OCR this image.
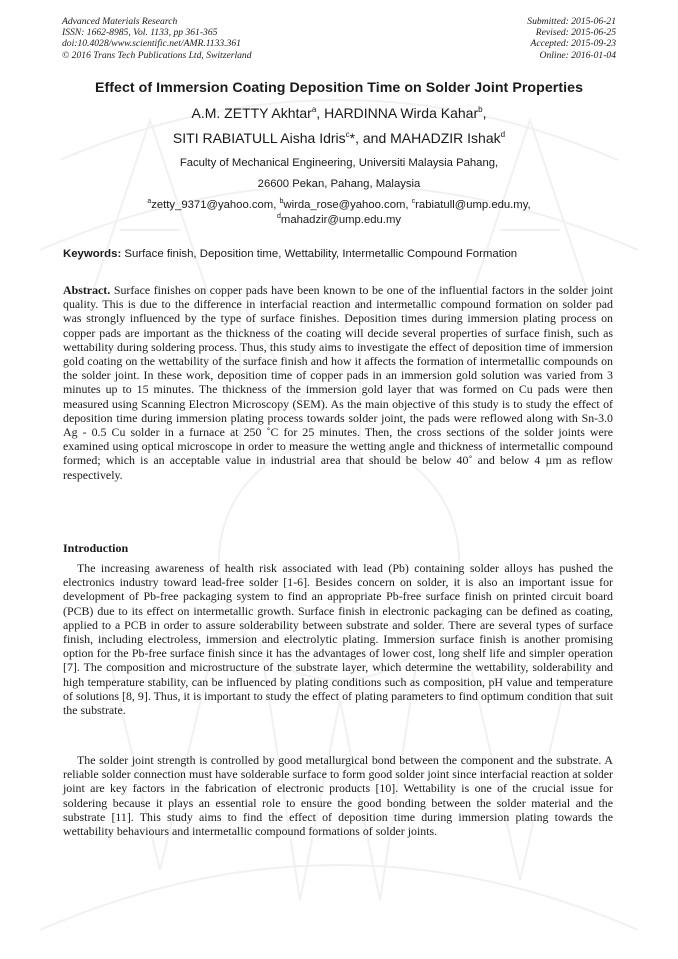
Advanced Materials Research
ISSN: 1662-8985, Vol. 1133, pp 361-365
doi:10.4028/www.scientific.net/AMR.1133.361
© 2016 Trans Tech Publications Ltd, Switzerland
Submitted: 2015-06-21
Revised: 2015-06-25
Accepted: 2015-09-23
Online: 2016-01-04
Effect of Immersion Coating Deposition Time on Solder Joint Properties
A.M. ZETTY Akhtar$^a$, HARDINNA Wirda Kahar$^b$,
SITI RABIATULL Aisha Idris$^c$*, and MAHADZIR Ishak$^d$
Faculty of Mechanical Engineering, Universiti Malaysia Pahang,
26600 Pekan, Pahang, Malaysia
$^a$zetty_9371@yahoo.com, $^b$wirda_rose@yahoo.com, $^c$rabiatull@ump.edu.my,
$^d$mahadzir@ump.edu.my
Keywords: Surface finish, Deposition time, Wettability, Intermetallic Compound Formation
Abstract. Surface finishes on copper pads have been known to be one of the influential factors in the solder joint quality. This is due to the difference in interfacial reaction and intermetallic compound formation on solder pad was strongly influenced by the type of surface finishes. Deposition times during immersion plating process on copper pads are important as the thickness of the coating will decide several properties of surface finish, such as wettability during soldering process. Thus, this study aims to investigate the effect of deposition time of immersion gold coating on the wettability of the surface finish and how it affects the formation of intermetallic compounds on the solder joint. In these work, deposition time of copper pads in an immersion gold solution was varied from 3 minutes up to 15 minutes. The thickness of the immersion gold layer that was formed on Cu pads were then measured using Scanning Electron Microscopy (SEM). As the main objective of this study is to study the effect of deposition time during immersion plating process towards solder joint, the pads were reflowed along with Sn-3.0 Ag - 0.5 Cu solder in a furnace at 250 ˚C for 25 minutes. Then, the cross sections of the solder joints were examined using optical microscope in order to measure the wetting angle and thickness of intermetallic compound formed; which is an acceptable value in industrial area that should be below 40˚ and below 4 µm as reflow respectively.
Introduction
The increasing awareness of health risk associated with lead (Pb) containing solder alloys has pushed the electronics industry toward lead-free solder [1-6]. Besides concern on solder, it is also an important issue for development of Pb-free packaging system to find an appropriate Pb-free surface finish on printed circuit board (PCB) due to its effect on intermetallic growth. Surface finish in electronic packaging can be defined as coating, applied to a PCB in order to assure solderability between substrate and solder. There are several types of surface finish, including electroless, immersion and electrolytic plating. Immersion surface finish is another promising option for the Pb-free surface finish since it has the advantages of lower cost, long shelf life and simpler operation [7]. The composition and microstructure of the substrate layer, which determine the wettability, solderability and high temperature stability, can be influenced by plating conditions such as composition, pH value and temperature of solutions [8, 9]. Thus, it is important to study the effect of plating parameters to find optimum condition that suit the substrate.
The solder joint strength is controlled by good metallurgical bond between the component and the substrate. A reliable solder connection must have solderable surface to form good solder joint since interfacial reaction at solder joint are key factors in the fabrication of electronic products [10]. Wettability is one of the crucial issue for soldering because it plays an essential role to ensure the good bonding between the solder material and the substrate [11]. This study aims to find the effect of deposition time during immersion plating towards the wettability behaviours and intermetallic compound formations of solder joints.
